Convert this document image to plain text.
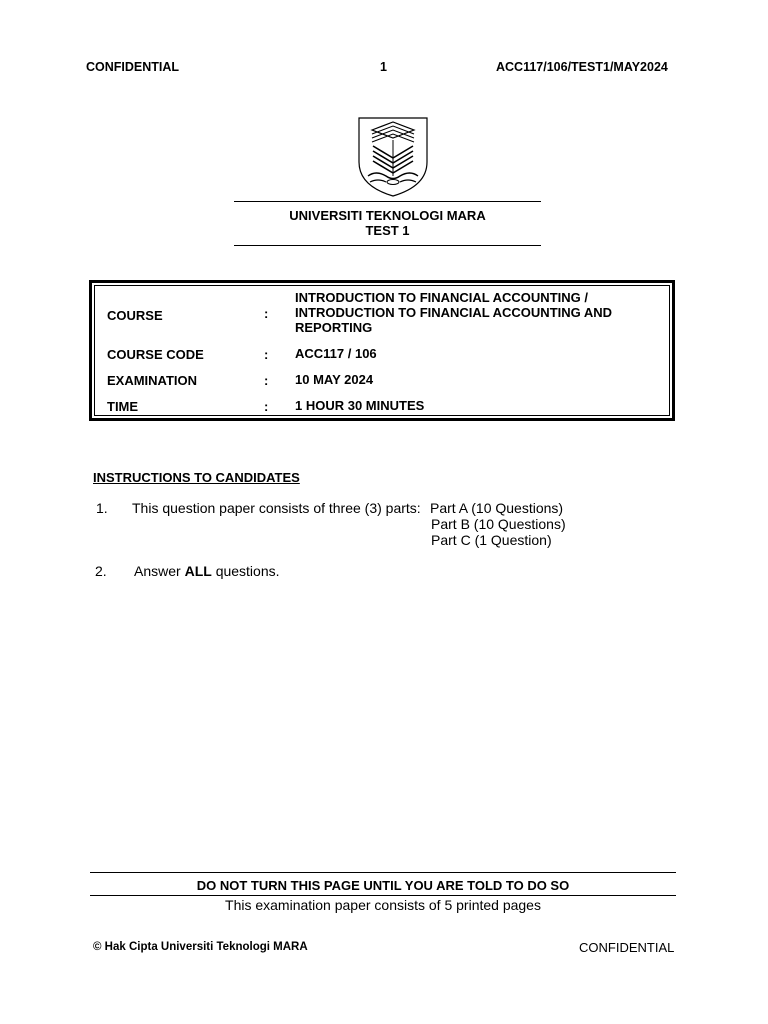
CONFIDENTIAL	1	ACC117/106/TEST1/MAY2024
UNIVERSITI TEKNOLOGI MARA
TEST 1
COURSE	:
INTRODUCTION TO FINANCIAL ACCOUNTING /
INTRODUCTION TO FINANCIAL ACCOUNTING AND
REPORTING
COURSE CODE	: ACC117 / 106
EXAMINATION	: 10 MAY 2024
TIME	: 1 HOUR 30 MINUTES
INSTRUCTIONS TO CANDIDATES
1. This question paper consists of three (3) parts: Part A (10 Questions)
Part B (10 Questions)
Part C (1 Question)
2. Answer ALL questions.
DO NOT TURN THIS PAGE UNTIL YOU ARE TOLD TO DO SO
This examination paper consists of 5 printed pages
© Hak Cipta Universiti Teknologi MARA	CONFIDENTIAL
